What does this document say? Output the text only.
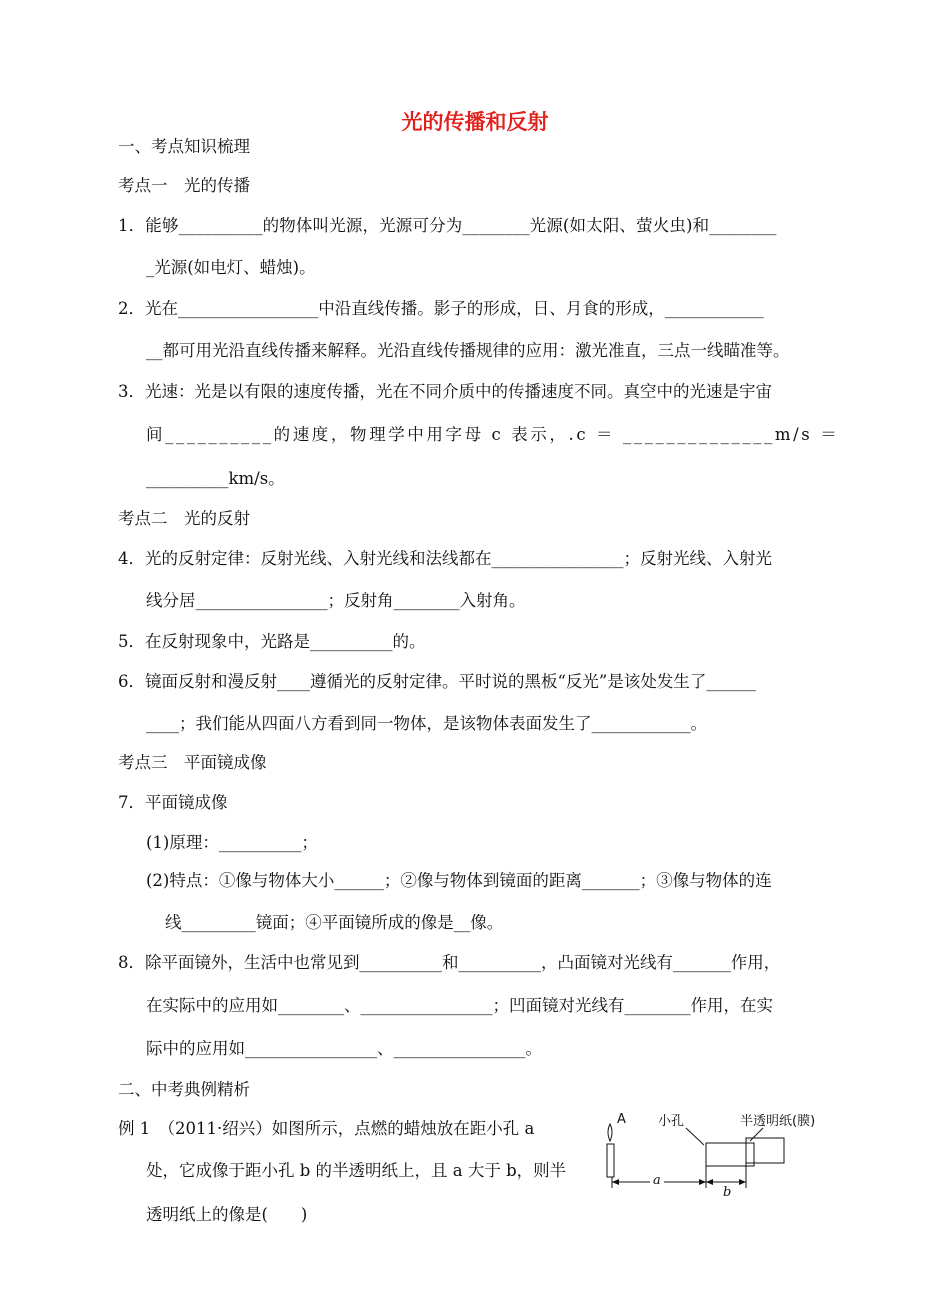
光的传播和反射
一、考点知识梳理
考点一　光的传播
1．能够__________的物体叫光源，光源可分为________光源(如太阳、萤火虫)和________
_光源(如电灯、蜡烛)。
2．光在_________________中沿直线传播。影子的形成，日、月食的形成，____________
__都可用光沿直线传播来解释。光沿直线传播规律的应用：激光准直，三点一线瞄准等。
3．光速：光是以有限的速度传播，光在不同介质中的传播速度不同。真空中的光速是宇宙
间__________的速度，物理学中用字母 c 表示，.c ＝ ______________m/s ＝
__________km/s。
考点二　光的反射
4．光的反射定律：反射光线、入射光线和法线都在________________；反射光线、入射光
线分居________________；反射角________入射角。
5．在反射现象中，光路是__________的。
6．镜面反射和漫反射____遵循光的反射定律。平时说的黑板“反光”是该处发生了______
____；我们能从四面八方看到同一物体，是该物体表面发生了____________。
考点三　平面镜成像
7．平面镜成像
(1)原理：__________；
(2)特点：①像与物体大小______；②像与物体到镜面的距离_______；③像与物体的连
线_________镜面；④平面镜所成的像是__像。
8．除平面镜外，生活中也常见到__________和__________，凸面镜对光线有_______作用，
在实际中的应用如________、________________；凹面镜对光线有________作用，在实
际中的应用如________________、________________。
二、中考典例精析
例 1　（2011·绍兴）如图所示，点燃的蜡烛放在距小孔 a
处，它成像于距小孔 b 的半透明纸上，且 a 大于 b，则半
透明纸上的像是(　　)
A 小孔	半透明纸(膜)
a
b
